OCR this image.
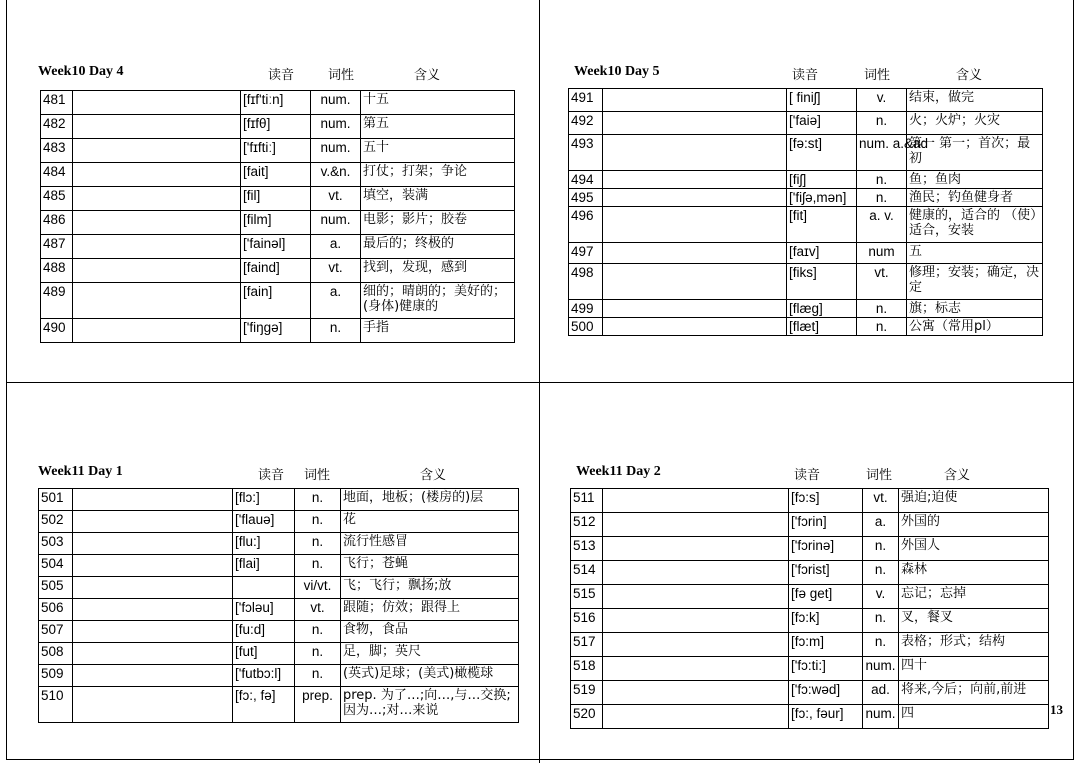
Week10 Day 4	读音	词性	含义
481		[fɪf'tiːn]	num.	十五
482		[fɪfθ]	num.	第五
483		['fɪftiː]	num.	五十
484		[fait]	v.&n.	打仗；打架；争论
485		[fil]	vt.	填空，装满
486		[film]	num.	电影；影片；胶卷
487		['fainəl]	a.	最后的；终极的
488		[faind]	vt.	找到，发现，感到
489		[fain]	a.	细的；晴朗的；美好的；(身体)健康的
490		['fiŋgə]	n.	手指
Week10 Day 5	读音	词性	含义
491		[ finiʃ]	v.	结束，做完
492		['faiə]	n.	火；火炉；火灾
493		[fə:st]	num. a.&ad	第一 第一；首次；最初
494		[fiʃ]	n.	鱼；鱼肉
495		['fiʃə,mən]	n.	渔民；钓鱼健身者
496		[fit]	a. v.	健康的，适合的 （使）适合，安装
497		[faɪv]	num	五
498		[fiks]	vt.	修理；安装；确定，决定
499		[flæg]	n.	旗；标志
500		[flæt]	n.	公寓（常用pl）
Week11 Day 1	读音 词性	含义
501		[flɔ:]	n.	地面，地板；(楼房的)层
502		['flauə]	n.	花
503		[flu:]	n.	流行性感冒
504		[flai]	n.	飞行；苍蝇
505			vi/vt.	飞；飞行；飘扬;放
506		['fɔləu]	vt.	跟随；仿效；跟得上
507		[fu:d]	n.	食物，食品
508		[fut]	n.	足，脚；英尺
509		['futbɔ:l]	n.	(英式)足球；(美式)橄榄球
510		[fɔ:, fə]	prep.	prep. 为了…;向…,与…交换;因为…;对…来说
Week11 Day 2	读音	词性	含义
511		[fɔ:s]	vt.	强迫;迫使
512		['fɔrin]	a.	外国的
513		['fɔrinə]	n.	外国人
514		['fɔrist]	n.	森林
515		[fə get]	v.	忘记；忘掉
516		[fɔ:k]	n.	叉，餐叉
517		[fɔ:m]	n.	表格；形式；结构
518		['fɔ:ti:]	num.	四十
519		['fɔ:wəd]	ad.	将来,今后；向前,前进
520		[fɔ:, fəur]	num.	四	13
